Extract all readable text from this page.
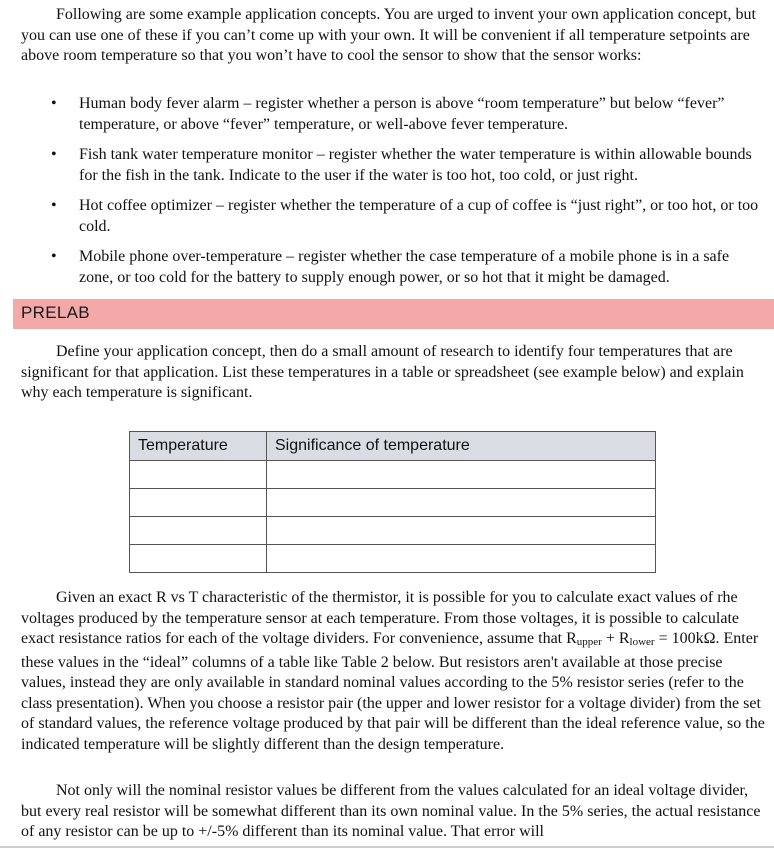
Following are some example application concepts. You are urged to invent your own application concept, but you can use one of these if you can’t come up with your own. It will be convenient if all temperature setpoints are above room temperature so that you won’t have to cool the sensor to show that the sensor works:

• Human body fever alarm – register whether a person is above “room temperature” but below “fever” temperature, or above “fever” temperature, or well-above fever temperature.
• Fish tank water temperature monitor – register whether the water temperature is within allowable bounds for the fish in the tank. Indicate to the user if the water is too hot, too cold, or just right.
• Hot coffee optimizer – register whether the temperature of a cup of coffee is “just right”, or too hot, or too cold.
• Mobile phone over-temperature – register whether the case temperature of a mobile phone is in a safe zone, or too cold for the battery to supply enough power, or so hot that it might be damaged.
PRELAB

Define your application concept, then do a small amount of research to identify four temperatures that are significant for that application. List these temperatures in a table or spreadsheet (see example below) and explain why each temperature is significant.

Temperature	Significance of temperature

Given an exact R vs T characteristic of the thermistor, it is possible for you to calculate exact values of rhe voltages produced by the temperature sensor at each temperature. From those voltages, it is possible to calculate exact resistance ratios for each of the voltage dividers. For convenience, assume that Rupper + Rlower = 100kΩ. Enter these values in the “ideal” columns of a table like Table 2 below. But resistors aren't available at those precise values, instead they are only available in standard nominal values according to the 5% resistor series (refer to the class presentation). When you choose a resistor pair (the upper and lower resistor for a voltage divider) from the set of standard values, the reference voltage produced by that pair will be different than the ideal reference value, so the indicated temperature will be slightly different than the design temperature.

Not only will the nominal resistor values be different from the values calculated for an ideal voltage divider, but every real resistor will be somewhat different than its own nominal value. In the 5% series, the actual resistance of any resistor can be up to +/-5% different than its nominal value. That error will
